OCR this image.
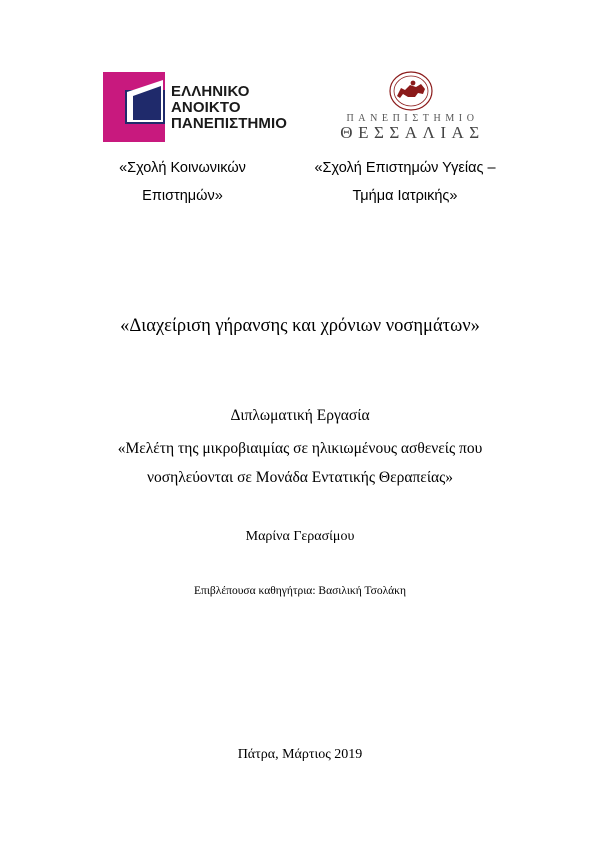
ΕΛΛΗΝΙΚΟ
ΑΝΟΙΚΤΟ
ΠΑΝΕΠΙΣΤΗΜΙΟ	ΠΑΝΕΠΙΣΤΗΜΙΟ
ΘΕΣΣΑΛΙΑΣ
«Σχολή Κοινωνικών
Επιστημών»
«Σχολή Επιστημών Υγείας –
Τμήμα Ιατρικής»
«Διαχείριση γήρανσης και χρόνιων νοσημάτων»
Διπλωματική Εργασία
«Μελέτη της μικροβιαιμίας σε ηλικιωμένους ασθενείς που
νοσηλεύονται σε Μονάδα Εντατικής Θεραπείας»
Μαρίνα Γερασίμου
Επιβλέπουσα καθηγήτρια: Βασιλική Τσολάκη
Πάτρα, Μάρτιος 2019
